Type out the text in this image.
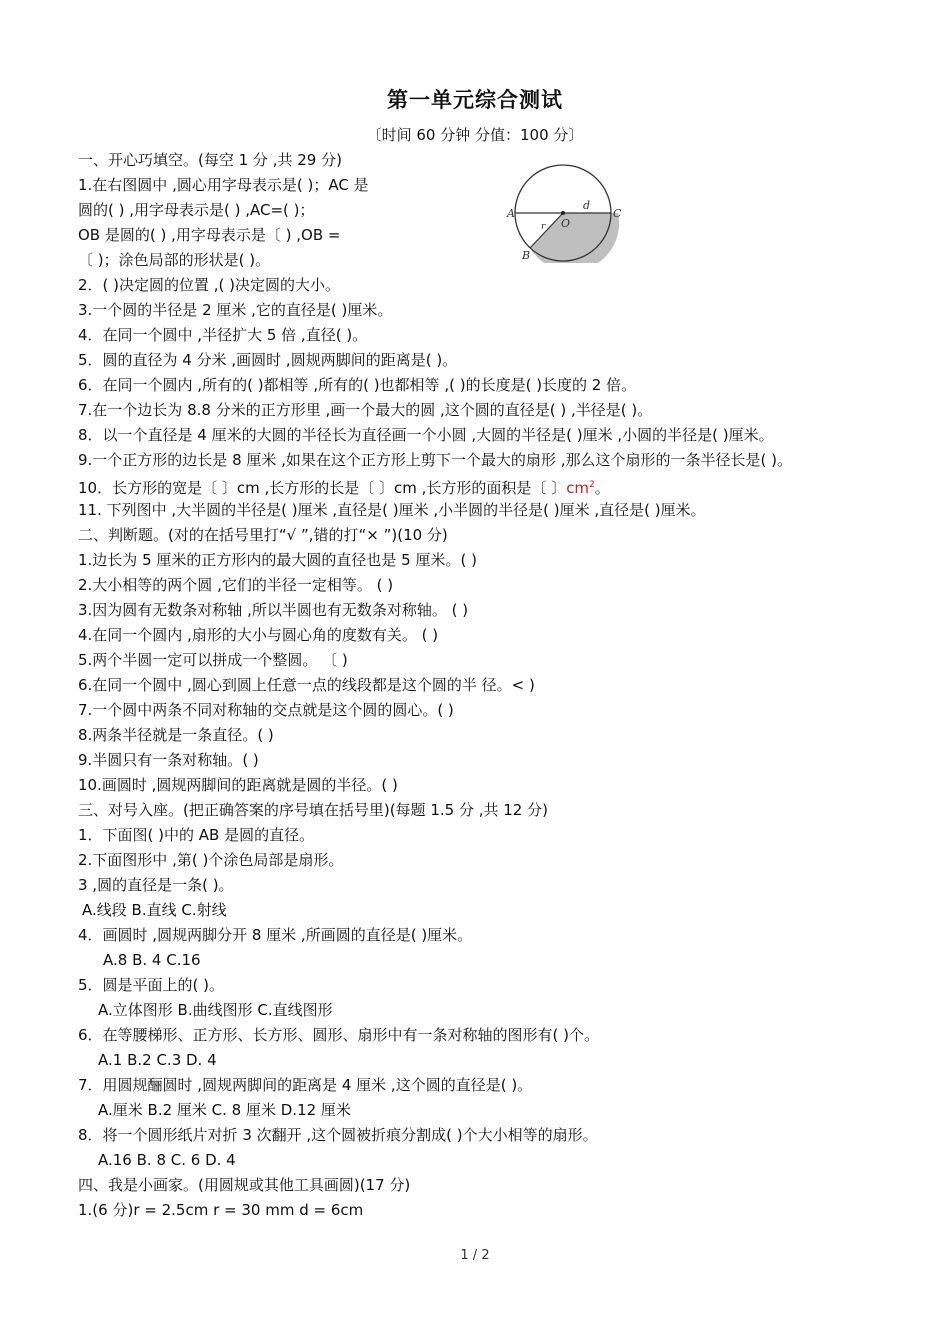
第一单元综合测试
〔时间 60 分钟 分值：100 分〕
一、开心巧填空。(每空 1 分 ,共 29 分)
1.在右图圆中 ,圆心用字母表示是( )；AC 是
圆的( ) ,用字母表示是( ) ,AC=( )；
OB 是圆的( ) ,用字母表示是〔 ) ,OB =
〔 )；涂色局部的形状是( )。
2．( )决定圆的位置 ,( )决定圆的大小。
3.一个圆的半径是 2 厘米 ,它的直径是( )厘米。
4．在同一个圆中 ,半径扩大 5 倍 ,直径( )。
5．圆的直径为 4 分米 ,画圆时 ,圆规两脚间的距离是( )。
6．在同一个圆内 ,所有的( )都相等 ,所有的( )也都相等 ,( )的长度是( )长度的 2 倍。
7.在一个边长为 8.8 分米的正方形里 ,画一个最大的圆 ,这个圆的直径是( ) ,半径是( )。
8．以一个直径是 4 厘米的大圆的半径长为直径画一个小圆 ,大圆的半径是( )厘米 ,小圆的半径是( )厘米。
9.一个正方形的边长是 8 厘米 ,如果在这个正方形上剪下一个最大的扇形 ,那么这个扇形的一条半径长是( )。
10．长方形的宽是〔 〕cm ,长方形的长是〔 〕cm ,长方形的面积是〔 〕$cm^2$。
11. 下列图中 ,大半圆的半径是( )厘米 ,直径是( )厘米 ,小半圆的半径是( )厘米 ,直径是( )厘米。
二、判断题。(对的在括号里打“√ ”,错的打“× ”)(10 分)
1.边长为 5 厘米的正方形内的最大圆的直径也是 5 厘米。( )
2.大小相等的两个圆 ,它们的半径一定相等。 ( )
3.因为圆有无数条对称轴 ,所以半圆也有无数条对称轴。 ( )
4.在同一个圆内 ,扇形的大小与圆心角的度数有关。 ( )
5.两个半圆一定可以拼成一个整圆。 〔 )
6.在同一个圆中 ,圆心到圆上任意一点的线段都是这个圆的半 径。< )
7.一个圆中两条不同对称轴的交点就是这个圆的圆心。( )
8.两条半径就是一条直径。( )
9.半圆只有一条对称轴。( )
10.画圆时 ,圆规两脚间的距离就是圆的半径。( )
三、对号入座。(把正确答案的序号填在括号里)(每题 1.5 分 ,共 12 分)
1．下面图( )中的 AB 是圆的直径。
2.下面图形中 ,第( )个涂色局部是扇形。
3 ,圆的直径是一条( )。
A.线段 B.直线 C.射线
4．画圆时 ,圆规两脚分开 8 厘米 ,所画圆的直径是( )厘米。
A.8 B. 4 C.16
5．圆是平面上的( )。
A.立体图形 B.曲线图形 C.直线图形
6．在等腰梯形、正方形、长方形、圆形、扇形中有一条对称轴的图形有( )个。
A.1 B.2 C.3 D. 4
7．用圆规酾圆时 ,圆规两脚间的距离是 4 厘米 ,这个圆的直径是( )。
A.厘米 B.2 厘米 C. 8 厘米 D.12 厘米
8．将一个圆形纸片对折 3 次翻开 ,这个圆被折痕分割成( )个大小相等的扇形。
A.16 B. 8 C. 6 D. 4
四、我是小画家。(用圆规或其他工具画圆)(17 分)
1.(6 分)r = 2.5cm r = 30 mm d = 6cm
A	C
O
B
d
r
1 / 2
